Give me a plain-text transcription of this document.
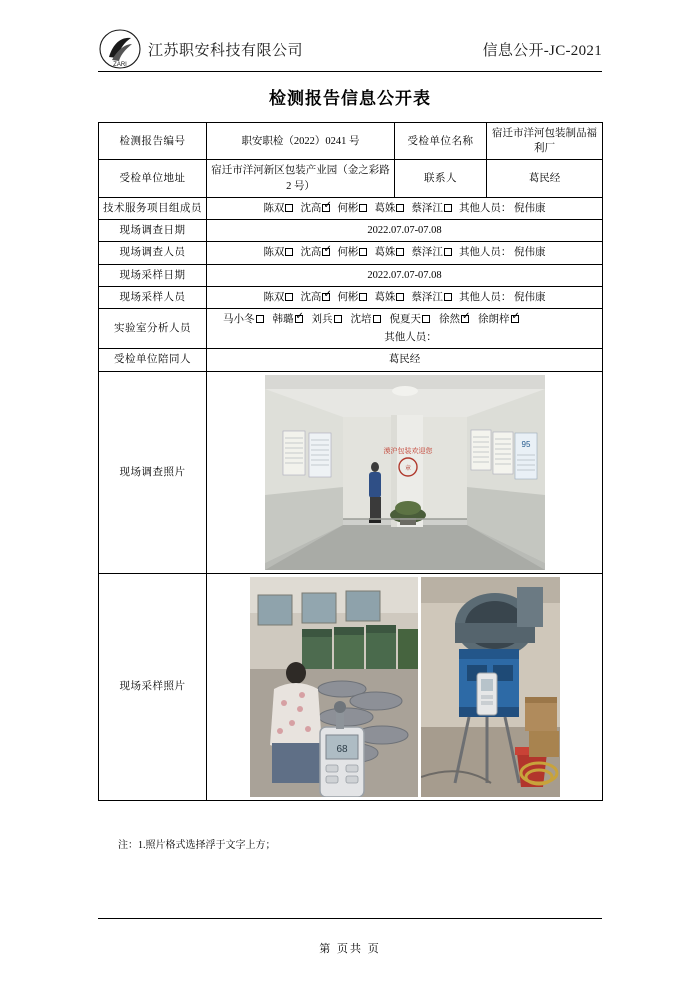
ZARI
江苏职安科技有限公司	信息公开-JC-2021
检测报告信息公开表
检测报告编号	职安职检（2022）0241 号	受检单位名称	宿迁市洋河包装制品福利厂
受检单位地址	宿迁市洋河新区包装产业园（金之彩路 2 号）	联系人	葛民经
技术服务项目组成员	陈双	沈高 ✓	何彬	葛姝	蔡泽江	其他人员： 倪伟康

现场调查日期	2022.07.07-07.08		
现场调查人员	陈双	沈高 ✓	何彬	葛姝	蔡泽江	其他人员： 倪伟康

现场采样日期	2022.07.07-07.08		
现场采样人员	陈双	沈高 ✓	何彬	葛姝	蔡泽江	其他人员： 倪伟康

实验室分析人员	
马小冬	韩璐 ✓	刘兵	沈培	倪夏天	徐然 ✓	徐朗梓✓
其他人员：

受检单位陪同人	葛民经		
现场调查照片	漠沪包装欢迎您
章
95		

现场采样照片	68		
注：1.照片格式选择浮于文字上方；
第 页共 页
